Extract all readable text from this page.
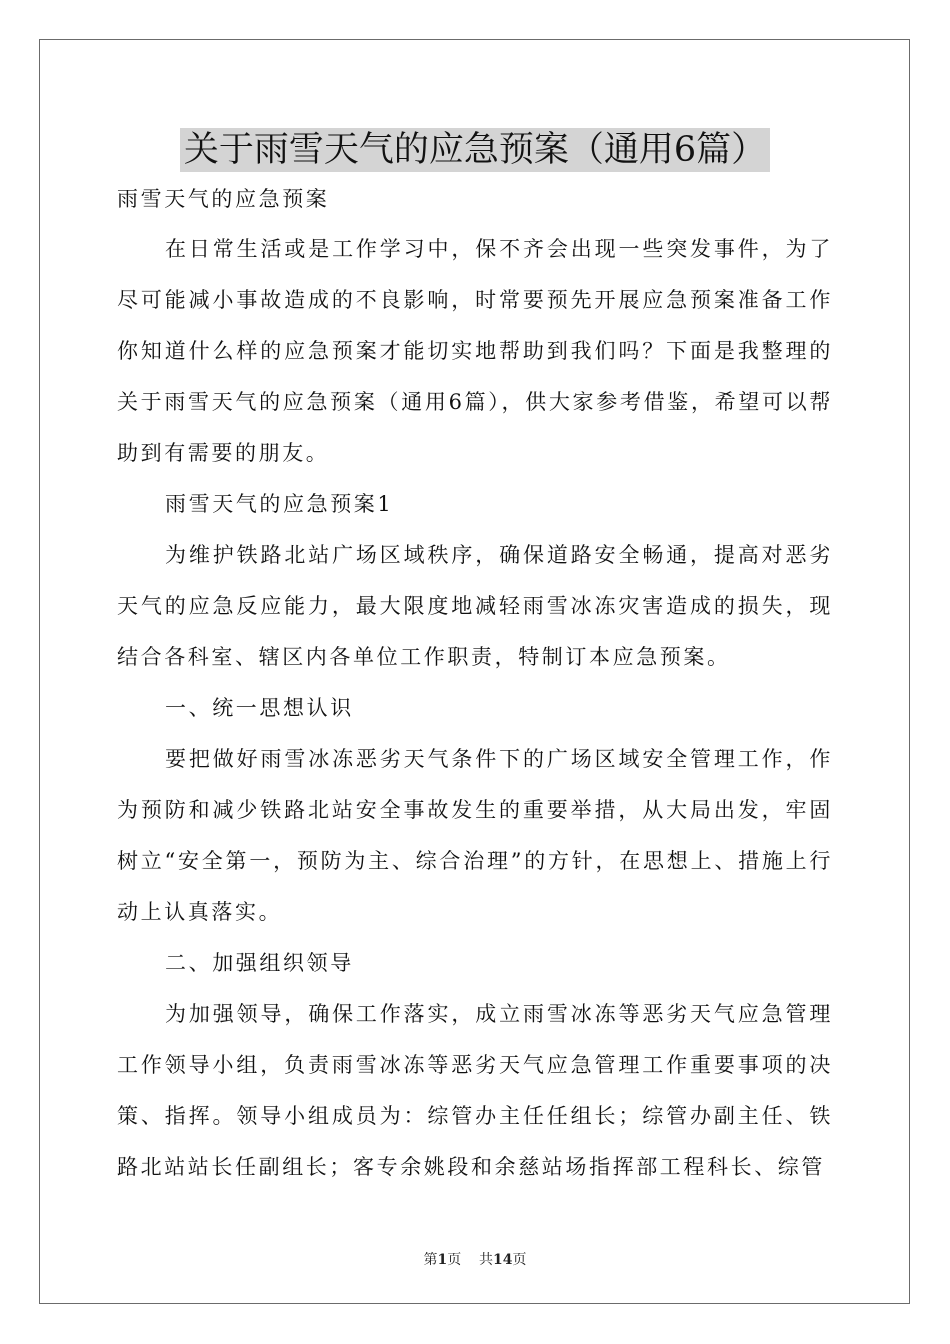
关于雨雪天气的应急预案（通用6篇）

雨雪天气的应急预案

在日常生活或是工作学习中，保不齐会出现一些突发事件，为了尽可能减小事故造成的不良影响，时常要预先开展应急预案准备工作你知道什么样的应急预案才能切实地帮助到我们吗？下面是我整理的关于雨雪天气的应急预案（通用6篇），供大家参考借鉴，希望可以帮助到有需要的朋友。

雨雪天气的应急预案1

为维护铁路北站广场区域秩序，确保道路安全畅通，提高对恶劣天气的应急反应能力，最大限度地减轻雨雪冰冻灾害造成的损失，现结合各科室、辖区内各单位工作职责，特制订本应急预案。

一、统一思想认识

要把做好雨雪冰冻恶劣天气条件下的广场区域安全管理工作，作为预防和减少铁路北站安全事故发生的重要举措，从大局出发，牢固树立“安全第一，预防为主、综合治理”的方针，在思想上、措施上行动上认真落实。

二、加强组织领导

为加强领导，确保工作落实，成立雨雪冰冻等恶劣天气应急管理工作领导小组，负责雨雪冰冻等恶劣天气应急管理工作重要事项的决策、指挥。领导小组成员为：综管办主任任组长；综管办副主任、铁路北站站长任副组长；客专余姚段和余慈站场指挥部工程科长、综管

第1页 共14页
